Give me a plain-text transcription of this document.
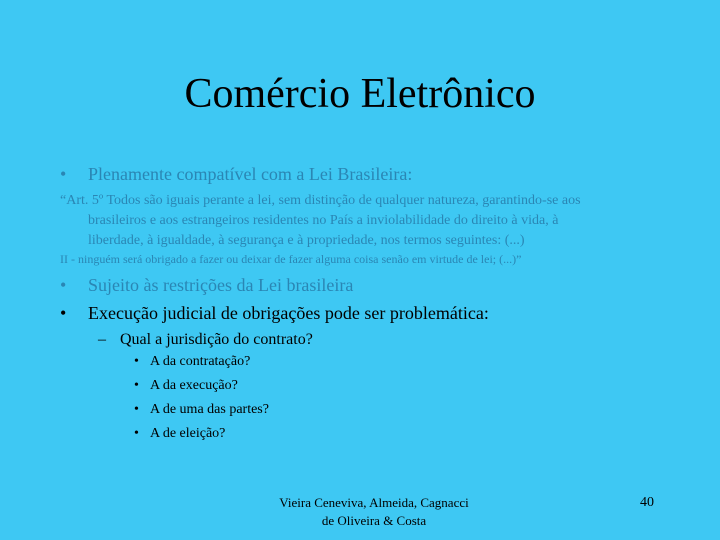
Comércio Eletrônico
• Plenamente compatível com a Lei Brasileira:
“Art. 5º Todos são iguais perante a lei, sem distinção de qualquer natureza, garantindo-se aos
brasileiros e aos estrangeiros residentes no País a inviolabilidade do direito à vida, à
liberdade, à igualdade, à segurança e à propriedade, nos termos seguintes: (...)
II - ninguém será obrigado a fazer ou deixar de fazer alguma coisa senão em virtude de lei; (...)”
• Sujeito às restrições da Lei brasileira
• Execução judicial de obrigações pode ser problemática:
– Qual a jurisdição do contrato?
• A da contratação?
• A da execução?
• A de uma das partes?
• A de eleição?
Vieira Ceneviva, Almeida, Cagnacci
de Oliveira & Costa
40
